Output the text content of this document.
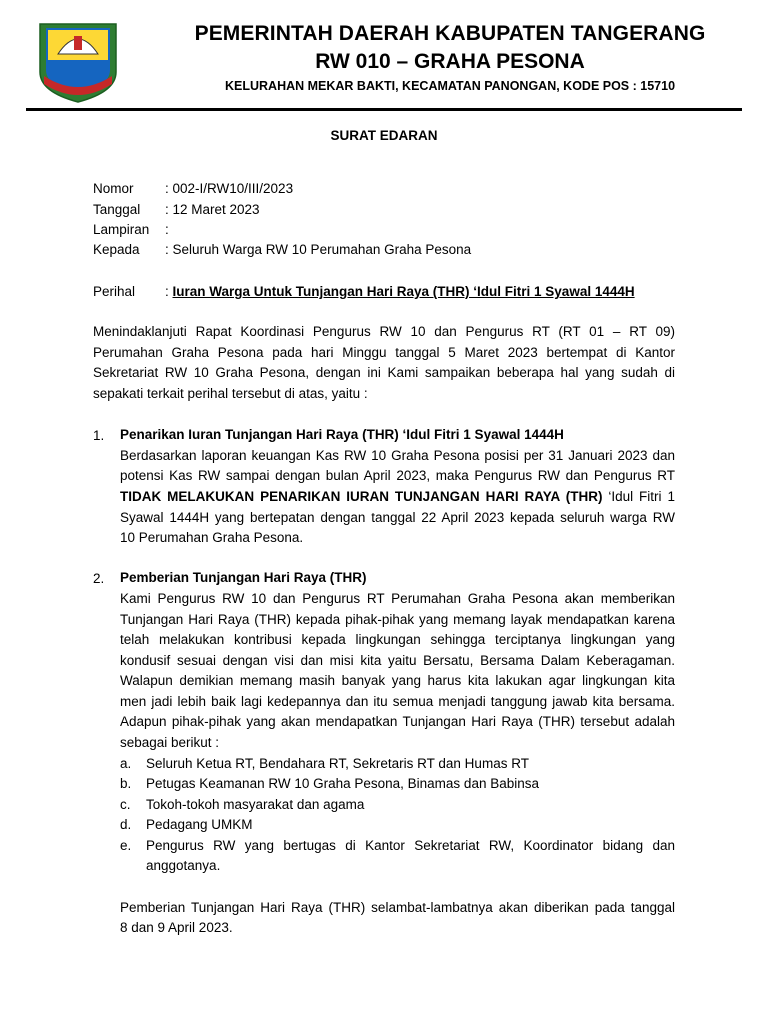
PEMERINTAH DAERAH KABUPATEN TANGERANG
RW 010 – GRAHA PESONA
KELURAHAN MEKAR BAKTI, KECAMATAN PANONGAN, KODE POS : 15710
SURAT EDARAN
Nomor : 002-I/RW10/III/2023
Tanggal : 12 Maret 2023
Lampiran :
Kepada : Seluruh Warga RW 10 Perumahan Graha Pesona
Perihal : Iuran Warga Untuk Tunjangan Hari Raya (THR) ‘Idul Fitri 1 Syawal 1444H
Menindaklanjuti Rapat Koordinasi Pengurus RW 10 dan Pengurus RT (RT 01 – RT 09)
Perumahan Graha Pesona pada hari Minggu tanggal 5 Maret 2023 bertempat di Kantor
Sekretariat RW 10 Graha Pesona, dengan ini Kami sampaikan beberapa hal yang sudah di
sepakati terkait perihal tersebut di atas, yaitu :
1. Penarikan Iuran Tunjangan Hari Raya (THR) ‘Idul Fitri 1 Syawal 1444H
Berdasarkan laporan keuangan Kas RW 10 Graha Pesona posisi per 31 Januari 2023 dan
potensi Kas RW sampai dengan bulan April 2023, maka Pengurus RW dan Pengurus RT
TIDAK MELAKUKAN PENARIKAN IURAN TUNJANGAN HARI RAYA (THR) ‘Idul Fitri 1
Syawal 1444H yang bertepatan dengan tanggal 22 April 2023 kepada seluruh warga RW
10 Perumahan Graha Pesona.
2. Pemberian Tunjangan Hari Raya (THR)
Kami Pengurus RW 10 dan Pengurus RT Perumahan Graha Pesona akan memberikan
Tunjangan Hari Raya (THR) kepada pihak-pihak yang memang layak mendapatkan karena
telah melakukan kontribusi kepada lingkungan sehingga terciptanya lingkungan yang
kondusif sesuai dengan visi dan misi kita yaitu Bersatu, Bersama Dalam Keberagaman.
Walapun demikian memang masih banyak yang harus kita lakukan agar lingkungan kita
men jadi lebih baik lagi kedepannya dan itu semua menjadi tanggung jawab kita bersama.
Adapun pihak-pihak yang akan mendapatkan Tunjangan Hari Raya (THR) tersebut adalah
sebagai berikut :
a. Seluruh Ketua RT, Bendahara RT, Sekretaris RT dan Humas RT
b. Petugas Keamanan RW 10 Graha Pesona, Binamas dan Babinsa
c. Tokoh-tokoh masyarakat dan agama
d. Pedagang UMKM
e. Pengurus RW yang bertugas di Kantor Sekretariat RW, Koordinator bidang dan
anggotanya.
Pemberian Tunjangan Hari Raya (THR) selambat-lambatnya akan diberikan pada tanggal
8 dan 9 April 2023.
